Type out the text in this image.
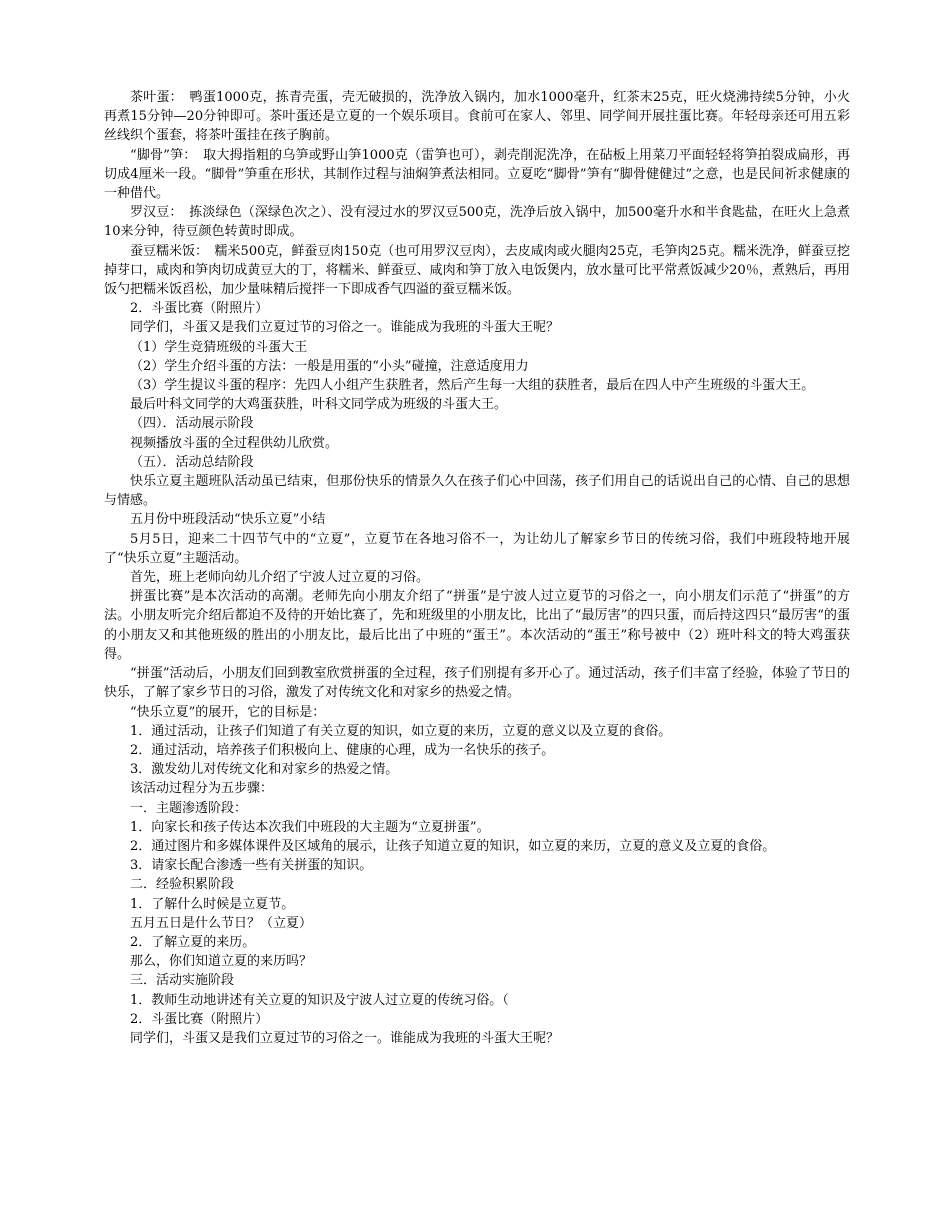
茶叶蛋：　鸭蛋1000克，拣青壳蛋，壳无破损的，洗净放入锅内，加水1000毫升，红茶末25克，旺火烧沸持续5分钟，小火再煮15分钟—20分钟即可。茶叶蛋还是立夏的一个娱乐项目。食前可在家人、邻里、同学间开展拄蛋比赛。年轻母亲还可用五彩丝线织个蛋套，将茶叶蛋挂在孩子胸前。

“脚骨”笋：　取大拇指粗的乌笋或野山笋1000克（雷笋也可），剥壳削泥洗净，在砧板上用菜刀平面轻轻将笋拍裂成扁形，再切成4厘米一段。“脚骨”笋重在形状，其制作过程与油焖笋煮法相同。立夏吃“脚骨”笋有“脚骨健健过”之意，也是民间祈求健康的一种借代。

罗汉豆：　拣淡绿色（深绿色次之）、没有浸过水的罗汉豆500克，洗净后放入锅中，加500毫升水和半食匙盐，在旺火上急煮10来分钟，待豆颜色转黄时即成。

蚕豆糯米饭：　糯米500克，鲜蚕豆肉150克（也可用罗汉豆肉），去皮咸肉或火腿肉25克，毛笋肉25克。糯米洗净，鲜蚕豆挖掉芽口，咸肉和笋肉切成黄豆大的丁，将糯米、鲜蚕豆、咸肉和笋丁放入电饭煲内，放水量可比平常煮饭减少20％，煮熟后，再用饭勺把糯米饭舀松，加少量味精后搅拌一下即成香气四溢的蚕豆糯米饭。

2．斗蛋比赛（附照片）

同学们，斗蛋又是我们立夏过节的习俗之一。谁能成为我班的斗蛋大王呢？

（1）学生竞猜班级的斗蛋大王

（2）学生介绍斗蛋的方法：一般是用蛋的“小头”碰撞，注意适度用力

（3）学生提议斗蛋的程序：先四人小组产生获胜者，然后产生每一大组的获胜者，最后在四人中产生班级的斗蛋大王。

最后叶科文同学的大鸡蛋获胜，叶科文同学成为班级的斗蛋大王。

（四）．活动展示阶段

视频播放斗蛋的全过程供幼儿欣赏。

（五）．活动总结阶段

快乐立夏主题班队活动虽已结束，但那份快乐的情景久久在孩子们心中回荡，孩子们用自己的话说出自己的心情、自己的思想与情感。

五月份中班段活动“快乐立夏”小结

5月5日，迎来二十四节气中的“立夏”，立夏节在各地习俗不一，为让幼儿了解家乡节日的传统习俗，我们中班段特地开展了“快乐立夏”主题活动。

首先，班上老师向幼儿介绍了宁波人过立夏的习俗。

拼蛋比赛”是本次活动的高潮。老师先向小朋友介绍了“拼蛋”是宁波人过立夏节的习俗之一，向小朋友们示范了“拼蛋”的方法。小朋友听完介绍后都迫不及待的开始比赛了，先和班级里的小朋友比，比出了“最厉害”的四只蛋，而后持这四只“最厉害“的蛋的小朋友又和其他班级的胜出的小朋友比，最后比出了中班的“蛋王”。本次活动的“蛋王”称号被中（2）班叶科文的特大鸡蛋获得。

“拼蛋”活动后，小朋友们回到教室欣赏拼蛋的全过程，孩子们别提有多开心了。通过活动，孩子们丰富了经验，体验了节日的快乐，了解了家乡节日的习俗，激发了对传统文化和对家乡的热爱之情。

“快乐立夏”的展开，它的目标是：

1．通过活动，让孩子们知道了有关立夏的知识，如立夏的来历，立夏的意义以及立夏的食俗。

2．通过活动，培养孩子们积极向上、健康的心理，成为一名快乐的孩子。

3．激发幼儿对传统文化和对家乡的热爱之情。

该活动过程分为五步骤：

一．主题渗透阶段：

1．向家长和孩子传达本次我们中班段的大主题为“立夏拼蛋”。

2．通过图片和多媒体课件及区域角的展示，让孩子知道立夏的知识，如立夏的来历，立夏的意义及立夏的食俗。

3．请家长配合渗透一些有关拼蛋的知识。

二．经验积累阶段

1．了解什么时候是立夏节。

五月五日是什么节日？（立夏）

2．了解立夏的来历。

那么，你们知道立夏的来历吗？

三．活动实施阶段

1．教师生动地讲述有关立夏的知识及宁波人过立夏的传统习俗。（

2．斗蛋比赛（附照片）

同学们，斗蛋又是我们立夏过节的习俗之一。谁能成为我班的斗蛋大王呢？
